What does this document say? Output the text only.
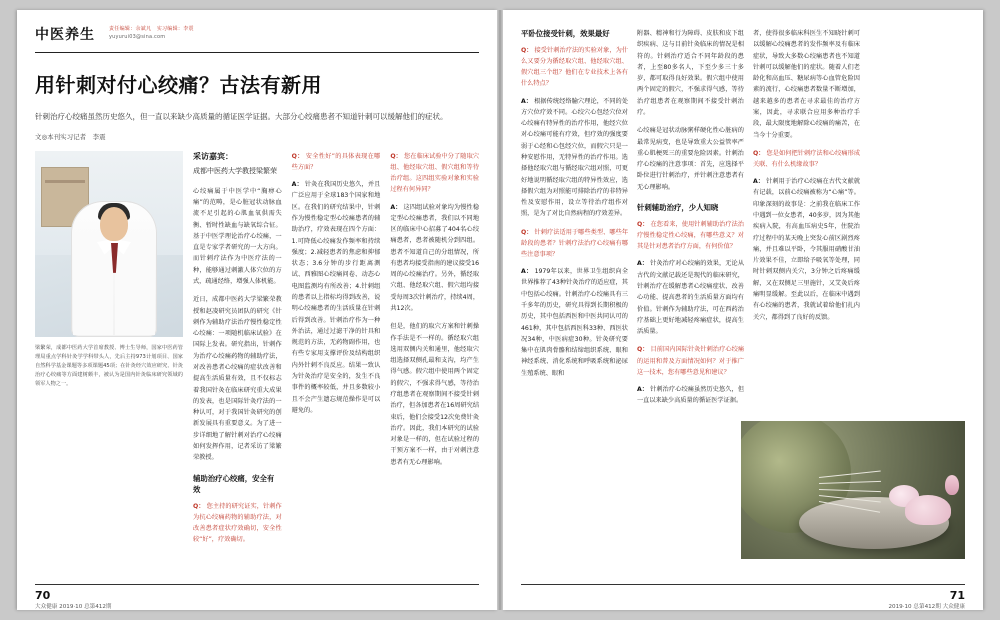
中医养生	责任编辑：余斌凡　实习编辑：李震
yuyurui03@sina.com
用针刺对付心绞痛？古法有新用
针刺治疗心绞痛虽然历史悠久，但一直以来缺少高质量的循证医学证据。大部分心绞痛患者不知道针刺可以缓解他们的症状。
文◎本刊实习记者　李震
梁繁荣，成都中医药大学首席教授、博士生导师，国家中医药管理局重点学科针灸学学科带头人，先后主持973计划项目、国家自然科学基金课题等多项课题45项；在针灸经穴效应研究、针灸治疗心绞痛等方面建树颇丰，被认为是国内针灸临床研究领域的领军人物之一。
采访嘉宾：
成都中医药大学教授梁繁荣

心绞痛属于中医学中“胸痹心痛”的范畴，是心脏冠状动脉血流不足引起的心肌血氧供需失衡、暂时性缺血与缺氧综合征。基于中医学理论治疗心绞痛，一直是专家学者研究的一大方向。而针刺疗法作为中医疗法的一种，能够通过刺激人体穴位的方式，疏通经络，增强人体机能。

近日，成都中医药大学梁繁荣教授和赵凌研究员团队的研究《针刺作为辅助疗法治疗慢性稳定性心绞痛：一项随机临床试验》在国际上发表。研究指出，针刺作为治疗心绞痛药物的辅助疗法，对改善患者心绞痛的症状改善和提高生活质量有效，且不仅标志着我国针灸在临床研究重大成果的发表，也是国际针灸疗法的一种认可，对于我国针灸研究的创新发展具有重要意义。为了进一步详细地了解针刺对治疗心绞痛如何发挥作用，记者采访了梁繁荣教授。

辅助治疗心绞痛，安全有效

Q： 您主持的研究证实，针刺作为抗心绞痛药物的辅助疗法，对改善患者症状疗效确切，安全性较“好”，疗效确切。

Q： 安全性好”的具体表现在哪些方面？

A： 针灸在我国历史悠久，并且广泛应用于全球183个国家和地区。在我们的研究结果中，针刺作为慢性稳定型心绞痛患者的辅助治疗，疗效表现在四个方面：1.可降低心绞痛发作频率和持续强度；2.减轻患者的焦虑和抑郁状态；3.6分钟的步行距离测试、西雅图心绞痛问卷、动态心电图监测均有所改善；4.针刺组的患者以上指标均得到改善，说明心绞痛患者的生活质量在针刺后得到改善。针刺治疗作为一种外治法，通过过滤干净的针具和规范的方法，无药物副作用，也有些专家用支撑评价及结构组织内外针刺不良反应。结果一致认为针灸治疗是安全的，发生不良事件的概率较低，并且多数较小且不会产生遗忘规范操作是可以避免的。

Q： 您在临床试验中分了随取穴组、他经取穴组、假穴组和等待治疗组。这四组实验对象和实验过程有何异同？

A： 这四组试验对象均为慢性稳定型心绞痛患者，我们以不同地区的临床中心招募了404名心绞痛患者，患者被随机分到四组。患者不知道自己的分组情况，所有患者均接受指南的建议接受16周的心绞痛治疗。另外，循经取穴组、他经取穴组、假穴组均接受每周3次针刺治疗，持续4周，共12次。

但是，他们的取穴方案和针刺操作手法是不一样的。循经取穴组选用双侧内关和通里，他经取穴组选择双侧孔最和支沟，均产生得气感。假穴组中使用两个固定的假穴，不强求得气感，等待治疗组患者在观察期间不接受针刺治疗，但各加患者在16周研究结束后，他们会接受12次免费针灸治疗。因此，我们本研究的试验对象是一样的，但在试验过程的干预方案不一样，由于对刺注意患者有无心理影响。

70
大众健康 2019·10 总第412期
平卧位接受针刺，效果最好

Q： 接受针刺治疗法的实验对象，为什么又要分为循经取穴组、他经取穴组、假穴组三个组？他们在专业技术上各有什么特点？

A： 根据传统经络腧穴理论，不同的处方穴位疗效不同。心绞穴心包经穴位对心绞痛有特异性的治疗作用，他经穴位对心绞痛可能有疗效，但疗效的强度要弱于心经和心包经穴位，而假穴只是一种安慰作用，无特异性的治疗作用。选择他经取穴组与循经取穴组对照，可更好地说明循经取穴组的特异性效应，选择假穴组为对照能可排除治疗的非特异性及安慰作用，设立等待治疗组作对照，是为了对比自然病程的疗效差异。

Q： 针刺疗法适用于哪些类型、哪些年龄段的患者？针刺疗法治疗心绞痛有哪些注意事项？

A： 1979年以来，世界卫生组织向全世界推荐了43种针灸治疗的适应症，其中包括心绞痛。针刺治疗心绞痛具有三千多年的历史，研究具得到长期积极的历史，其中包括西医和中医共同认可的461种，其中包括西医科33种、西医状况34种，中医病症30种。针灸研究要集中在肌肉骨骼和结缔组织系统、眼和神经系统、消化系统和呼吸系统和泌尿生殖系统、眼和

附器、精神和行为障碍、皮肤和皮下组织疾病、这与目前针灸临床的情况是相符的。针刺治疗适合不同年龄段的患者，上至80多名人，下至少多三十多岁，都可取得良好效果。假穴组中使用两个固定的假穴，不强求得气感，等待治疗组患者在观察期间不接受针刺治疗。

心绞痛是冠状动脉粥样硬化性心脏病的最常见病变，也是导致重大公益管率严重心肌梗死三的重要危险因素。针刺治疗心绞痛的注意事项：首先，应选择平卧位进行针刺治疗，并针刺注意患者有无心理影响。

针刺辅助治疗，少人知晓

Q： 在您看来，使用针刺辅助治疗法治疗慢性稳定性心绞痛，有哪些意义？对其是针对患者治疗方面，有何价值？

A： 针灸治疗对心绞痛的效果，无论从古代的文献记载还是现代的临床研究，针刺治疗在缓解患者心绞痛症状、改善心功能、提高患者的生活质量方面均有价值。针刺作为辅助疗法，可在西药治疗基础上更好地减轻疼痛症状，提高生活质量。

Q： 目前国内国际针灸针刺治疗心绞痛的运用和普及方面情况如何？对于推广这一技术，您有哪些意见和建议？

A： 针刺治疗心绞痛虽然历史悠久，但一直以来缺少高质量的循证医学证据。

者，使得很多临床科医生不知晓针刺可以缓解心绞痛患者的发作频率及有临床症状，导致大多数心绞痛患者也不知道针刺可以缓解他们的症状。随着人们老龄化和高血压、糖尿病等心血管危险因素的流行，心绞痛患者数量不断增加，越来越多的患者在寻求最佳的治疗方案，因此，寻求联合应用多种治疗手段，最大限度地解除心绞痛的痛苦，在当今十分重要。

Q： 您是如何把针刺疗法和心绞痛形成关联、有什么机缘故事？

A： 针刺用于治疗心绞痛在古代文献就有记载，以前心绞痛被称为“心痛”等。印象深刻的故事是：之前我在临床工作中遇到一位女患者，40多岁，因为其他疾病入院，有高血压病史5年，住院治疗过程中的某天晚上突发心前区剧烈疼痛，并且难以平卧，令其服用硝酸甘油片效果不佳，立即给予吸氧等处理，同时针刺双侧内关穴，3分钟之后疼痛缓解，又在双侧足三里施针，又艾灸后疼痛明显缓解。至此以后，在临床中遇到有心绞痛的患者，我就试着给他们扎内关穴，都得到了良好的反馈。

71
2019·10 总第412期 大众健康
